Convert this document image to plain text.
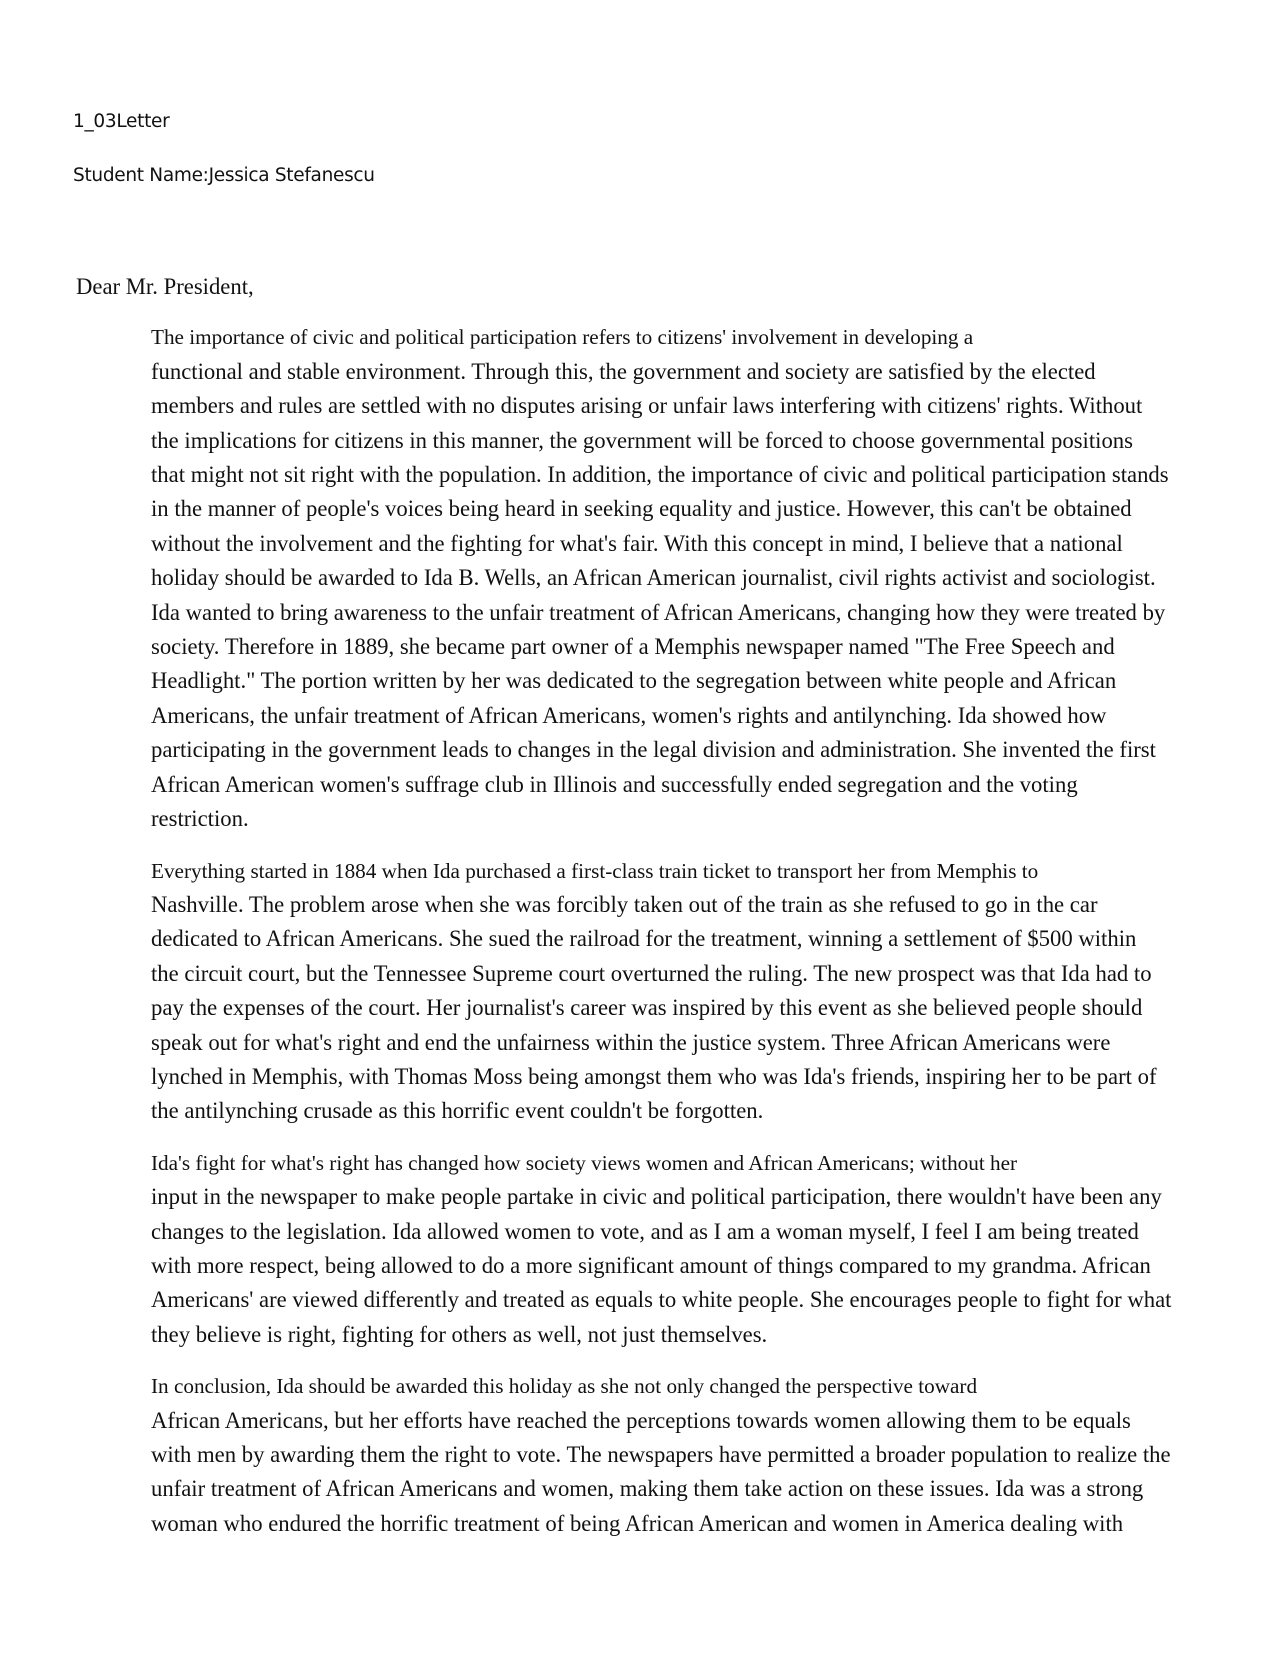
1_03Letter
Student Name:Jessica Stefanescu

Dear Mr. President,

The importance of civic and political participation refers to citizens' involvement in developing a
functional and stable environment. Through this, the government and society are satisfied by the elected
members and rules are settled with no disputes arising or unfair laws interfering with citizens' rights. Without
the implications for citizens in this manner, the government will be forced to choose governmental positions
that might not sit right with the population. In addition, the importance of civic and political participation stands
in the manner of people's voices being heard in seeking equality and justice. However, this can't be obtained
without the involvement and the fighting for what's fair. With this concept in mind, I believe that a national
holiday should be awarded to Ida B. Wells, an African American journalist, civil rights activist and sociologist.
Ida wanted to bring awareness to the unfair treatment of African Americans, changing how they were treated by
society. Therefore in 1889, she became part owner of a Memphis newspaper named "The Free Speech and
Headlight." The portion written by her was dedicated to the segregation between white people and African
Americans, the unfair treatment of African Americans, women's rights and antilynching. Ida showed how
participating in the government leads to changes in the legal division and administration. She invented the first
African American women's suffrage club in Illinois and successfully ended segregation and the voting
restriction.

Everything started in 1884 when Ida purchased a first-class train ticket to transport her from Memphis to
Nashville. The problem arose when she was forcibly taken out of the train as she refused to go in the car
dedicated to African Americans. She sued the railroad for the treatment, winning a settlement of $500 within
the circuit court, but the Tennessee Supreme court overturned the ruling. The new prospect was that Ida had to
pay the expenses of the court. Her journalist's career was inspired by this event as she believed people should
speak out for what's right and end the unfairness within the justice system. Three African Americans were
lynched in Memphis, with Thomas Moss being amongst them who was Ida's friends, inspiring her to be part of
the antilynching crusade as this horrific event couldn't be forgotten.

Ida's fight for what's right has changed how society views women and African Americans; without her
input in the newspaper to make people partake in civic and political participation, there wouldn't have been any
changes to the legislation. Ida allowed women to vote, and as I am a woman myself, I feel I am being treated
with more respect, being allowed to do a more significant amount of things compared to my grandma. African
Americans' are viewed differently and treated as equals to white people. She encourages people to fight for what
they believe is right, fighting for others as well, not just themselves.

In conclusion, Ida should be awarded this holiday as she not only changed the perspective toward
African Americans, but her efforts have reached the perceptions towards women allowing them to be equals
with men by awarding them the right to vote. The newspapers have permitted a broader population to realize the
unfair treatment of African Americans and women, making them take action on these issues. Ida was a strong
woman who endured the horrific treatment of being African American and women in America dealing with
